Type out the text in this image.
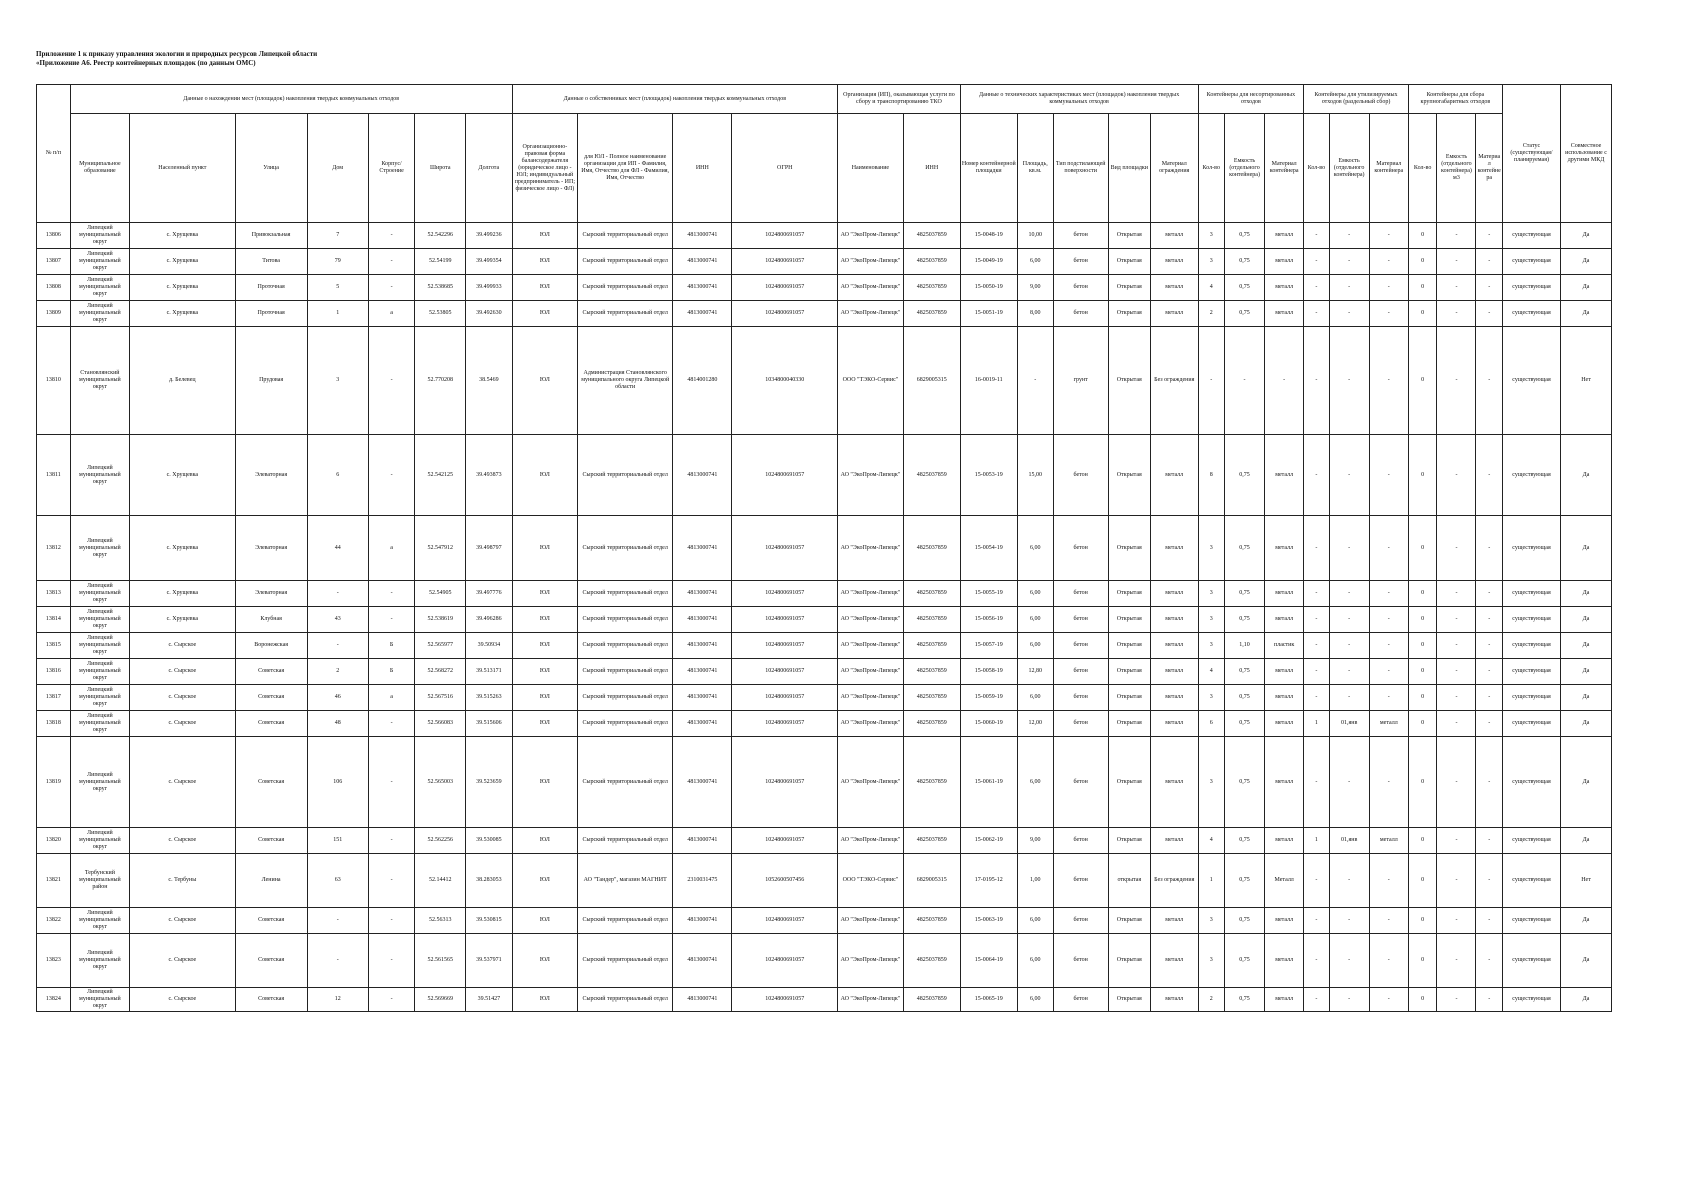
Приложение 1 к приказу управления экологии и природных ресурсов Липецкой области
«Приложение А6. Реестр контейнерных площадок (по данным ОМС)
№ п/п	Данные о нахождении мест (площадок) накопления твердых коммунальных отходов							Данные о собственниках мест (площадок) накопления твердых коммунальных отходов				Организация (ИП), оказывающая услуги по сбору и транспортированию ТКО		Данные о технических характеристиках мест (площадок) накопления твердых коммунальных отходов					Контейнеры для несортированных отходов			Контейнеры для утилизируемых отходов (раздельный сбор)			Контейнеры для сбора крупногабаритных отходов			Статус (существующая/планируемая)	Совместное использование с другими МКД
	Муниципальное образование	Населенный пункт	Улица	Дом	Корпус/Строение	Широта	Долгота	Организационно-правовая форма балансодержателя (юридическое лицо - ЮЛ; индивидуальный предприниматель - ИП; физическое лицо - ФЛ)	для ЮЛ - Полное наименование организации для ИП - Фамилия, Имя, Отчество для ФЛ - Фамилия, Имя, Отчество	ИНН	ОГРН	Наименование	ИНН	Номер контейнерной площадки	Площадь, кв.м.	Тип подстилающей поверхности	Вид площадки	Материал ограждения	Кол-во	Емкость (отдельного контейнера)	Материал контейнера	Кол-во	Емкость (отдельного контейнера)	Материал контейнера	Кол-во	Емкость (отдельного контейнера) м3	Материал контейнера		
13806	Липецкий муниципальный округ	с. Хрущевка	Привокзальная	7	-	52.542296	39.499236	ЮЛ	Сырский территориальный отдел	4813000741	1024800691057	АО "ЭкоПром-Липецк"	4825037859	15-0048-19	10,00	бетон	Открытая	металл	3	0,75	металл	-	-	-	0	-	-	существующая	Да
13807	Липецкий муниципальный округ	с. Хрущевка	Титова	79	-	52.54199	39.499354	ЮЛ	Сырский территориальный отдел	4813000741	1024800691057	АО "ЭкоПром-Липецк"	4825037859	15-0049-19	6,00	бетон	Открытая	металл	3	0,75	металл	-	-	-	0	-	-	существующая	Да
13808	Липецкий муниципальный округ	с. Хрущевка	Проточная	5	-	52.538685	39.499933	ЮЛ	Сырский территориальный отдел	4813000741	1024800691057	АО "ЭкоПром-Липецк"	4825037859	15-0050-19	9,00	бетон	Открытая	металл	4	0,75	металл	-	-	-	0	-	-	существующая	Да
13809	Липецкий муниципальный округ	с. Хрущевка	Проточная	1	а	52.53805	39.492630	ЮЛ	Сырский территориальный отдел	4813000741	1024800691057	АО "ЭкоПром-Липецк"	4825037859	15-0051-19	8,00	бетон	Открытая	металл	2	0,75	металл	-	-	-	0	-	-	существующая	Да
13810	Становлянский муниципальный округ	д. Белевец	Прудовая	3	-	52.770208	38.5469	ЮЛ	Администрация Становлянского муниципального округа Липецкой области	4814001280	1034800040330	ООО "ТЭКО-Сервис"	6829005315	16-0019-11	-	грунт	Открытая	Без ограждения	-	-	-	-	-	-	0	-	-	существующая	Нет
13811	Липецкий муниципальный округ	с. Хрущевка	Элеваторная	6	-	52.542125	39.493873	ЮЛ	Сырский территориальный отдел	4813000741	1024800691057	АО "ЭкоПром-Липецк"	4825037859	15-0053-19	15,00	бетон	Открытая	металл	8	0,75	металл	-	-	-	0	-	-	существующая	Да
13812	Липецкий муниципальный округ	с. Хрущевка	Элеваторная	44	а	52.547912	39.498797	ЮЛ	Сырский территориальный отдел	4813000741	1024800691057	АО "ЭкоПром-Липецк"	4825037859	15-0054-19	6,00	бетон	Открытая	металл	3	0,75	металл	-	-	-	0	-	-	существующая	Да
13813	Липецкий муниципальный округ	с. Хрущевка	Элеваторная	-	-	52.54905	39.497776	ЮЛ	Сырский территориальный отдел	4813000741	1024800691057	АО "ЭкоПром-Липецк"	4825037859	15-0055-19	6,00	бетон	Открытая	металл	3	0,75	металл	-	-	-	0	-	-	существующая	Да
13814	Липецкий муниципальный округ	с. Хрущевка	Клубная	43	-	52.538619	39.496286	ЮЛ	Сырский территориальный отдел	4813000741	1024800691057	АО "ЭкоПром-Липецк"	4825037859	15-0056-19	6,00	бетон	Открытая	металл	3	0,75	металл	-	-	-	0	-	-	существующая	Да
13815	Липецкий муниципальный округ	с. Сырское	Воронежская	-	Б	52.565977	39.50934	ЮЛ	Сырский территориальный отдел	4813000741	1024800691057	АО "ЭкоПром-Липецк"	4825037859	15-0057-19	6,00	бетон	Открытая	металл	3	1,10	пластик	-	-	-	0	-	-	существующая	Да
13816	Липецкий муниципальный округ	с. Сырское	Советская	2	Б	52.568272	39.513171	ЮЛ	Сырский территориальный отдел	4813000741	1024800691057	АО "ЭкоПром-Липецк"	4825037859	15-0058-19	12,80	бетон	Открытая	металл	4	0,75	металл	-	-	-	0	-	-	существующая	Да
13817	Липецкий муниципальный округ	с. Сырское	Советская	46	а	52.567516	39.515263	ЮЛ	Сырский территориальный отдел	4813000741	1024800691057	АО "ЭкоПром-Липецк"	4825037859	15-0059-19	6,00	бетон	Открытая	металл	3	0,75	металл	-	-	-	0	-	-	существующая	Да
13818	Липецкий муниципальный округ	с. Сырское	Советская	48	-	52.566083	39.515606	ЮЛ	Сырский территориальный отдел	4813000741	1024800691057	АО "ЭкоПром-Липецк"	4825037859	15-0060-19	12,00	бетон	Открытая	металл	6	0,75	металл	1	01,янв	металл	0	-	-	существующая	Да
13819	Липецкий муниципальный округ	с. Сырское	Советская	106	-	52.565003	39.523659	ЮЛ	Сырский территориальный отдел	4813000741	1024800691057	АО "ЭкоПром-Липецк"	4825037859	15-0061-19	6,00	бетон	Открытая	металл	3	0,75	металл	-	-	-	0	-	-	существующая	Да
13820	Липецкий муниципальный округ	с. Сырское	Советская	151	-	52.562256	39.530085	ЮЛ	Сырский территориальный отдел	4813000741	1024800691057	АО "ЭкоПром-Липецк"	4825037859	15-0062-19	9,00	бетон	Открытая	металл	4	0,75	металл	1	01,янв	металл	0	-	-	существующая	Да
13821	Тербунский муниципальный район	с. Тербуны	Ленина	63	-	52.14412	38.283053	ЮЛ	АО "Тандер", магазин МАГНИТ	2310031475	1052600507456	ООО "ТЭКО-Сервис"	6829005315	17-0195-12	1,00	бетон	открытая	Без ограждения	1	0,75	Металл	-	-	-	0	-	-	существующая	Нет
13822	Липецкий муниципальный округ	с. Сырское	Советская	-	-	52.56313	39.530815	ЮЛ	Сырский территориальный отдел	4813000741	1024800691057	АО "ЭкоПром-Липецк"	4825037859	15-0063-19	6,00	бетон	Открытая	металл	3	0,75	металл	-	-	-	0	-	-	существующая	Да
13823	Липецкий муниципальный округ	с. Сырское	Советская	-	-	52.561565	39.537971	ЮЛ	Сырский территориальный отдел	4813000741	1024800691057	АО "ЭкоПром-Липецк"	4825037859	15-0064-19	6,00	бетон	Открытая	металл	3	0,75	металл	-	-	-	0	-	-	существующая	Да
13824	Липецкий муниципальный округ	с. Сырское	Советская	12	-	52.569669	39.51427	ЮЛ	Сырский территориальный отдел	4813000741	1024800691057	АО "ЭкоПром-Липецк"	4825037859	15-0065-19	6,00	бетон	Открытая	металл	2	0,75	металл	-	-	-	0	-	-	существующая	Да
